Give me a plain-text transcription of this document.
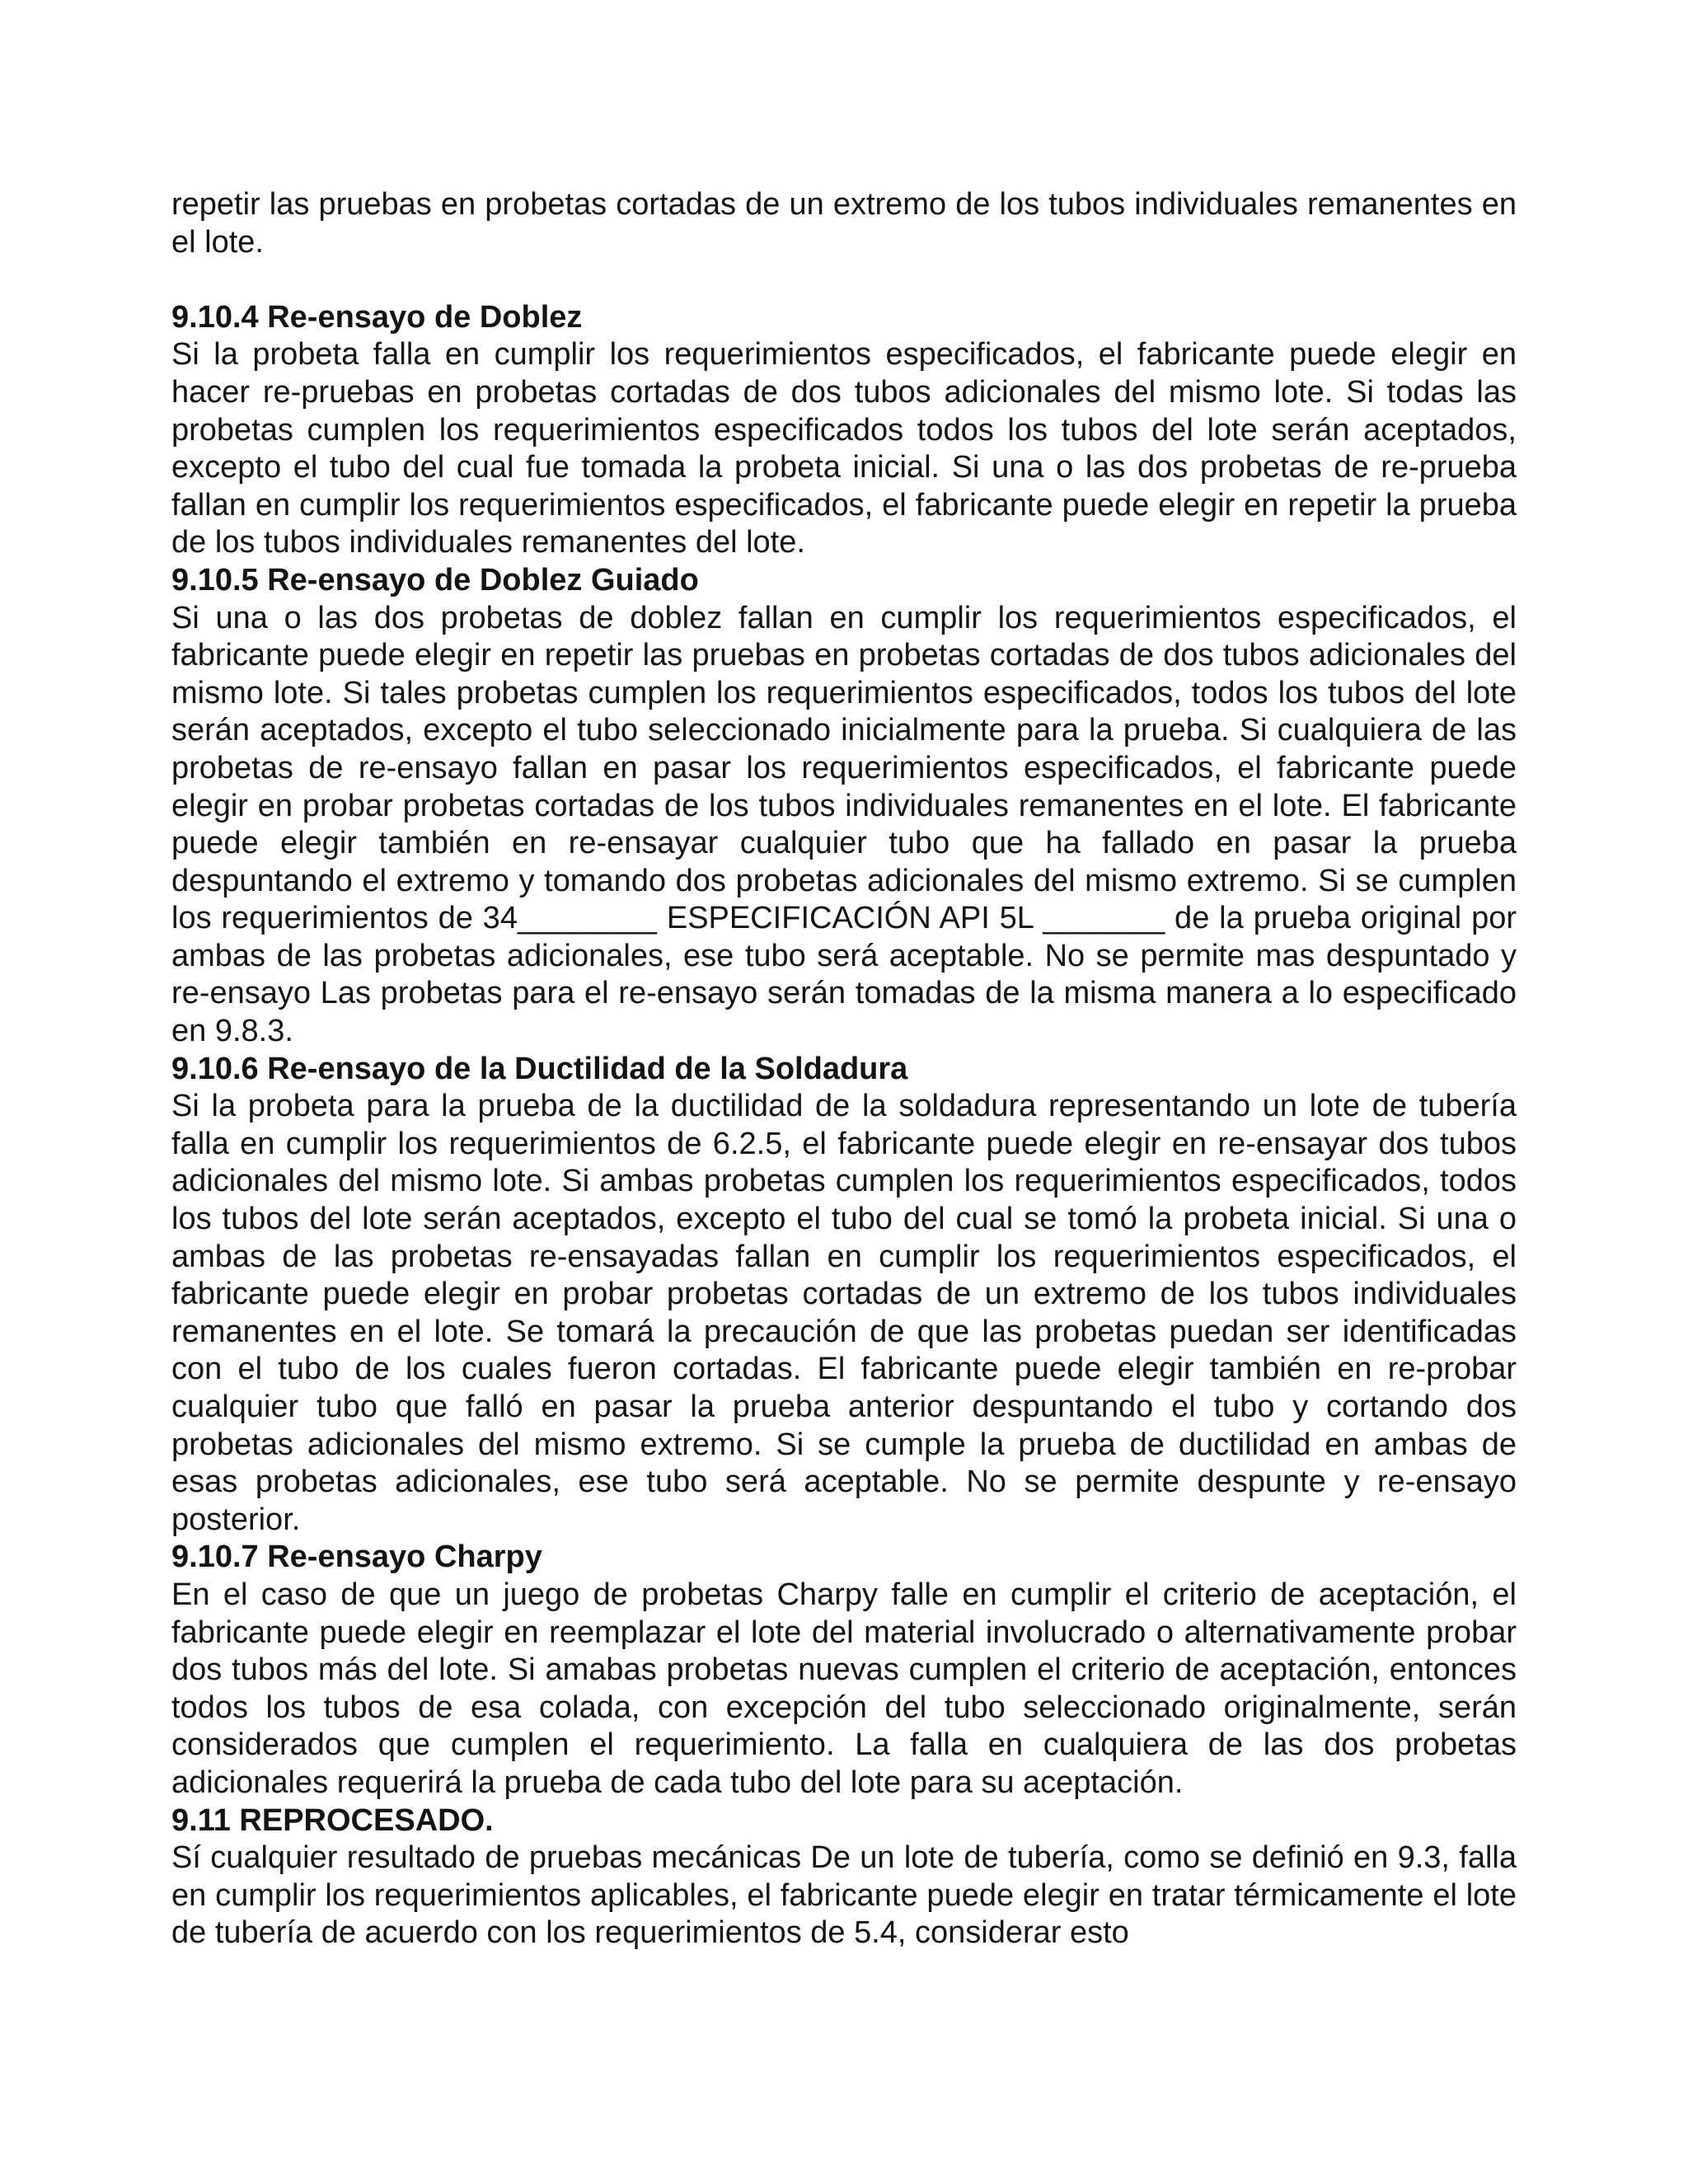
repetir las pruebas en probetas cortadas de un extremo de los tubos individuales remanentes en el lote.

9.10.4 Re-ensayo de Doblez

Si la probeta falla en cumplir los requerimientos especificados, el fabricante puede elegir en hacer re-pruebas en probetas cortadas de dos tubos adicionales del mismo lote. Si todas las probetas cumplen los requerimientos especificados todos los tubos del lote serán aceptados, excepto el tubo del cual fue tomada la probeta inicial. Si una o las dos probetas de re-prueba fallan en cumplir los requerimientos especificados, el fabricante puede elegir en repetir la prueba de los tubos individuales remanentes del lote.

9.10.5 Re-ensayo de Doblez Guiado

Si una o las dos probetas de doblez fallan en cumplir los requerimientos especificados, el fabricante puede elegir en repetir las pruebas en probetas cortadas de dos tubos adicionales del mismo lote. Si tales probetas cumplen los requerimientos especificados, todos los tubos del lote serán aceptados, excepto el tubo seleccionado inicialmente para la prueba. Si cualquiera de las probetas de re-ensayo fallan en pasar los requerimientos especificados, el fabricante puede elegir en probar probetas cortadas de los tubos individuales remanentes en el lote. El fabricante puede elegir también en re-ensayar cualquier tubo que ha fallado en pasar la prueba despuntando el extremo y tomando dos probetas adicionales del mismo extremo. Si se cumplen los requerimientos de 34________ ESPECIFICACIÓN API 5L _______ de la prueba original por ambas de las probetas adicionales, ese tubo será aceptable. No se permite mas despuntado y re-ensayo Las probetas para el re-ensayo serán tomadas de la misma manera a lo especificado en 9.8.3.

9.10.6 Re-ensayo de la Ductilidad de la Soldadura

Si la probeta para la prueba de la ductilidad de la soldadura representando un lote de tubería falla en cumplir los requerimientos de 6.2.5, el fabricante puede elegir en re-ensayar dos tubos adicionales del mismo lote. Si ambas probetas cumplen los requerimientos especificados, todos los tubos del lote serán aceptados, excepto el tubo del cual se tomó la probeta inicial. Si una o ambas de las probetas re-ensayadas fallan en cumplir los requerimientos especificados, el fabricante puede elegir en probar probetas cortadas de un extremo de los tubos individuales remanentes en el lote. Se tomará la precaución de que las probetas puedan ser identificadas con el tubo de los cuales fueron cortadas. El fabricante puede elegir también en re-probar cualquier tubo que falló en pasar la prueba anterior despuntando el tubo y cortando dos probetas adicionales del mismo extremo. Si se cumple la prueba de ductilidad en ambas de esas probetas adicionales, ese tubo será aceptable. No se permite despunte y re-ensayo posterior.

9.10.7 Re-ensayo Charpy

En el caso de que un juego de probetas Charpy falle en cumplir el criterio de aceptación, el fabricante puede elegir en reemplazar el lote del material involucrado o alternativamente probar dos tubos más del lote. Si amabas probetas nuevas cumplen el criterio de aceptación, entonces todos los tubos de esa colada, con excepción del tubo seleccionado originalmente, serán considerados que cumplen el requerimiento. La falla en cualquiera de las dos probetas adicionales requerirá la prueba de cada tubo del lote para su aceptación.

9.11 REPROCESADO.

Sí cualquier resultado de pruebas mecánicas De un lote de tubería, como se definió en 9.3, falla en cumplir los requerimientos aplicables, el fabricante puede elegir en tratar térmicamente el lote de tubería de acuerdo con los requerimientos de 5.4, considerar esto
